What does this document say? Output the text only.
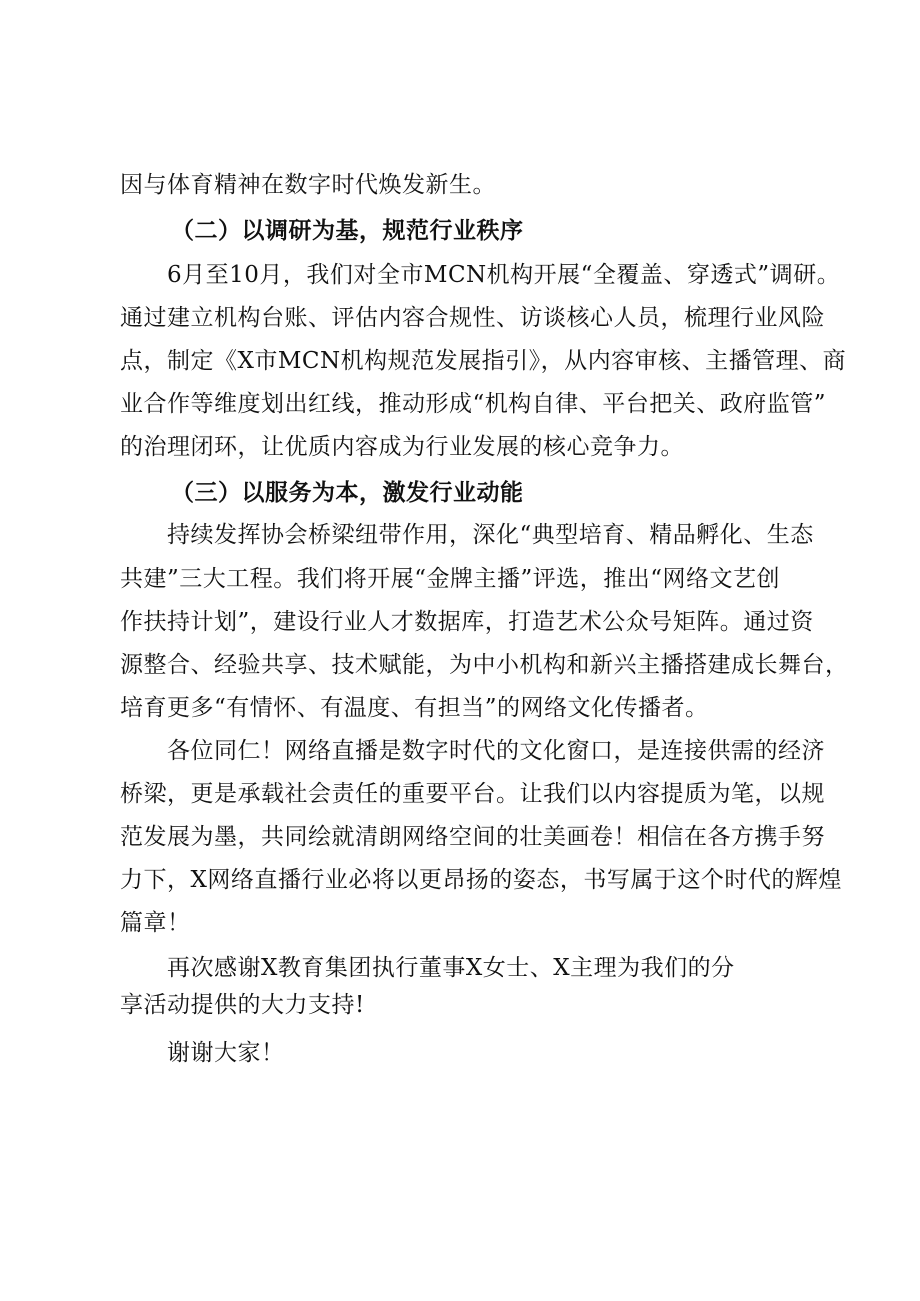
因与体育精神在数字时代焕发新生。
（二）以调研为基，规范行业秩序
6月至10月，我们对全市MCN机构开展“全覆盖、穿透式”调研。
通过建立机构台账、评估内容合规性、访谈核心人员，梳理行业风险
点，制定《X市MCN机构规范发展指引》，从内容审核、主播管理、商
业合作等维度划出红线，推动形成“机构自律、平台把关、政府监管”
的治理闭环，让优质内容成为行业发展的核心竞争力。
（三）以服务为本，激发行业动能
持续发挥协会桥梁纽带作用，深化“典型培育、精品孵化、生态
共建”三大工程。我们将开展“金牌主播”评选，推出“网络文艺创
作扶持计划”，建设行业人才数据库，打造艺术公众号矩阵。通过资
源整合、经验共享、技术赋能，为中小机构和新兴主播搭建成长舞台，
培育更多“有情怀、有温度、有担当”的网络文化传播者。
各位同仁！网络直播是数字时代的文化窗口，是连接供需的经济
桥梁，更是承载社会责任的重要平台。让我们以内容提质为笔，以规
范发展为墨，共同绘就清朗网络空间的壮美画卷！相信在各方携手努
力下，X网络直播行业必将以更昂扬的姿态，书写属于这个时代的辉煌
篇章！
再次感谢X教育集团执行董事X女士、X主理为我们的分
享活动提供的大力支持!
谢谢大家！
